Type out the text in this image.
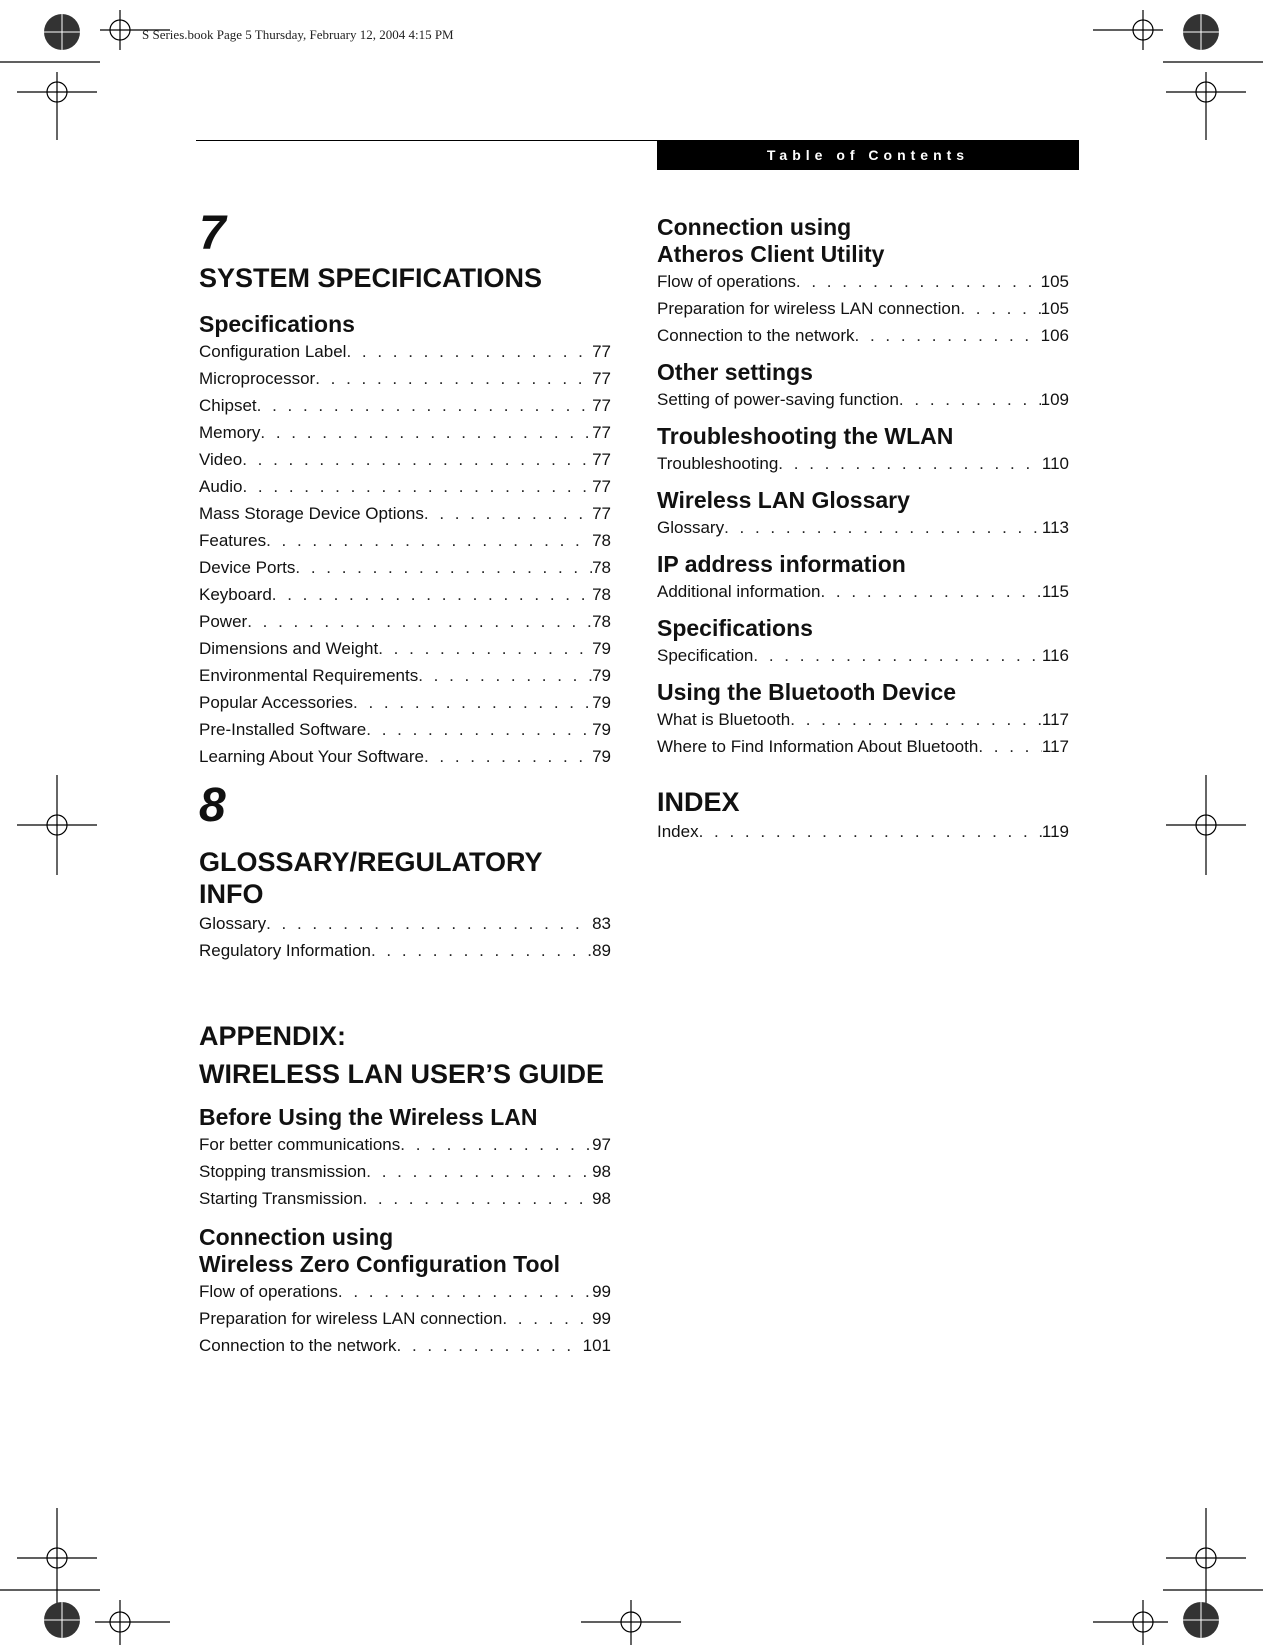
S Series.book Page 5 Thursday, February 12, 2004 4:15 PM
Table of Contents
7
SYSTEM SPECIFICATIONS
Specifications
Configuration Label . . .	77
Microprocessor . . .	77
Chipset . . .	77
Memory . . .	77
Video . . .	77
Audio . . .	77
Mass Storage Device Options . . .	77
Features . . .	78
Device Ports . . .	78
Keyboard . . .	78
Power . . .	78
Dimensions and Weight . . .	79
Environmental Requirements . . .	79
Popular Accessories . . .	79
Pre-Installed Software . . .	79
Learning About Your Software . . .	79
8
GLOSSARY/REGULATORY INFO
Glossary . . .	83
Regulatory Information . . .	89
APPENDIX:
WIRELESS LAN USER’S GUIDE
Before Using the Wireless LAN
For better communications . . .	97
Stopping transmission . . .	98
Starting Transmission . . .	98
Connection using
Wireless Zero Configuration Tool
Flow of operations . . .	99
Preparation for wireless LAN connection . . .	99
Connection to the network . . .	101
Connection using
Atheros Client Utility
Flow of operations . . .	105
Preparation for wireless LAN connection . . .	105
Connection to the network . . .	106
Other settings
Setting of power-saving function . . .	109
Troubleshooting the WLAN
Troubleshooting . . .	110
Wireless LAN Glossary
Glossary . . .	113
IP address information
Additional information . . .	115
Specifications
Specification . . .	116
Using the Bluetooth Device
What is Bluetooth . . .	117
Where to Find Information About Bluetooth . . .	117
INDEX
Index . . .	119
